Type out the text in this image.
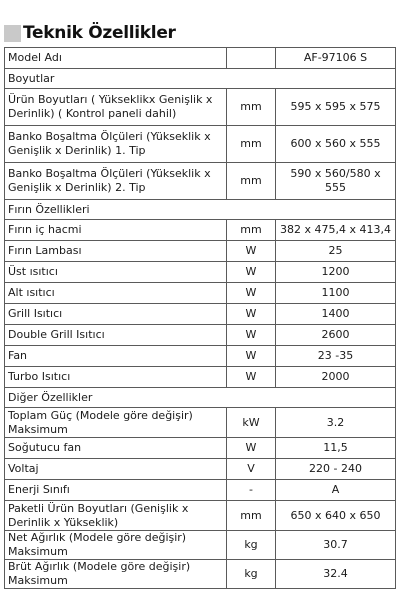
Teknik Özellikler
Model Adı		AF-97106 S
Boyutlar		
Ürün Boyutları ( Yükseklikx Genişlik x Derinlik) ( Kontrol paneli dahil)	mm	595 x 595 x 575
Banko Boşaltma Ölçüleri (Yükseklik x Genişlik x Derinlik) 1. Tip	mm	600 x 560 x 555
Banko Boşaltma Ölçüleri (Yükseklik x Genişlik x Derinlik) 2. Tip	mm	590 x 560/580 x 555
Fırın Özellikleri		
Fırın iç hacmi	mm	382 x 475,4 x 413,4
Fırın Lambası	W	25
Üst ısıtıcı	W	1200
Alt ısıtıcı	W	1100
Grill Isıtıcı	W	1400
Double Grill Isıtıcı	W	2600
Fan	W	23 -35
Turbo Isıtıcı	W	2000
Diğer Özellikler		
Toplam Güç (Modele göre değişir) Maksimum	kW	3.2
Soğutucu fan	W	11,5
Voltaj	V	220 - 240
Enerji Sınıfı	-	A
Paketli Ürün Boyutları (Genişlik x Derinlik x Yükseklik)	mm	650 x 640 x 650
Net Ağırlık (Modele göre değişir) Maksimum	kg	30.7
Brüt Ağırlık (Modele göre değişir) Maksimum	kg	32.4
